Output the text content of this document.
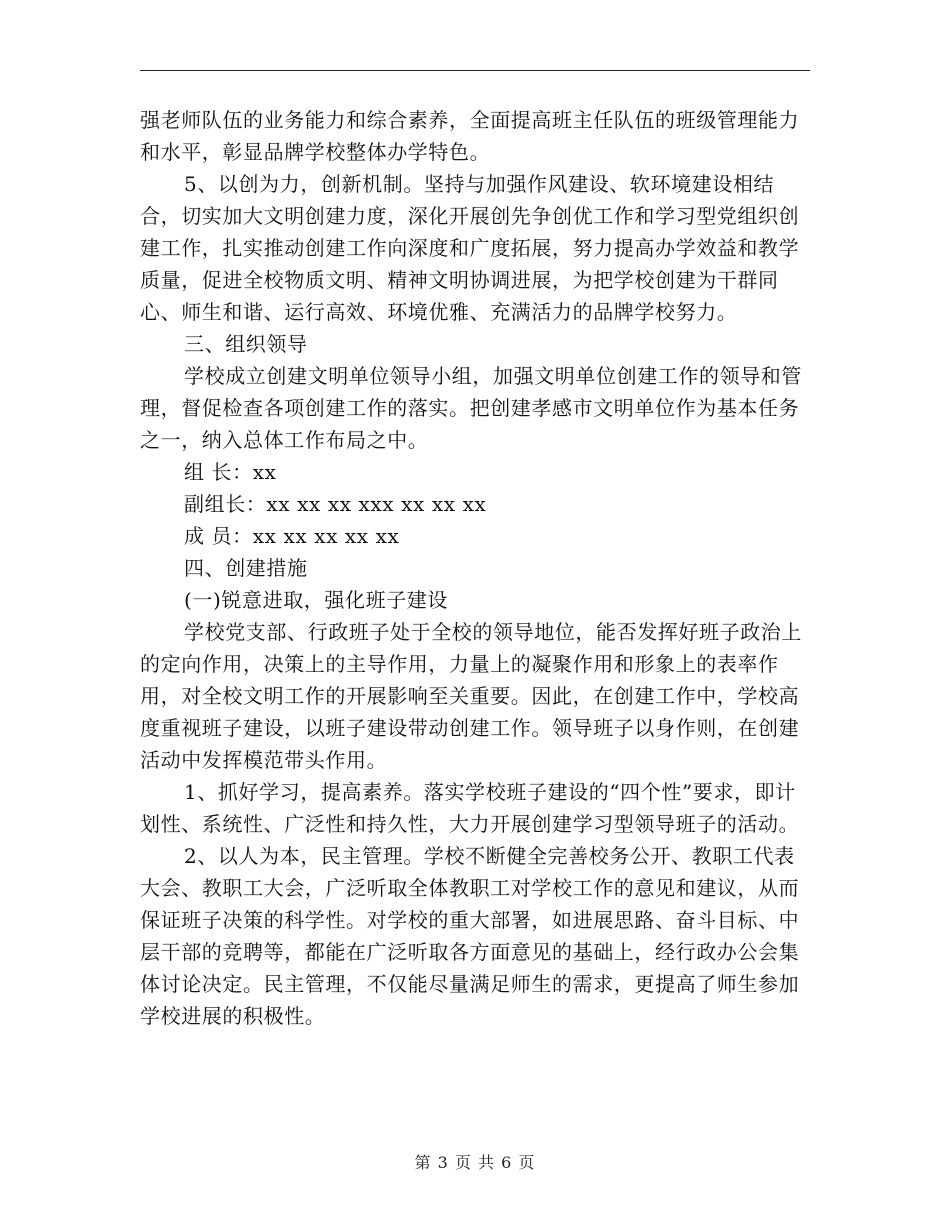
强老师队伍的业务能力和综合素养，全面提高班主任队伍的班级管理能力和水平，彰显品牌学校整体办学特色。

5、以创为力，创新机制。坚持与加强作风建设、软环境建设相结合，切实加大文明创建力度，深化开展创先争创优工作和学习型党组织创建工作，扎实推动创建工作向深度和广度拓展，努力提高办学效益和教学质量，促进全校物质文明、精神文明协调进展，为把学校创建为干群同心、师生和谐、运行高效、环境优雅、充满活力的品牌学校努力。

三、组织领导

学校成立创建文明单位领导小组，加强文明单位创建工作的领导和管理，督促检查各项创建工作的落实。把创建孝感市文明单位作为基本任务之一，纳入总体工作布局之中。

组 长：xx

副组长：xx xx xx xxx xx xx xx

成 员：xx xx xx xx xx

四、创建措施

(一)锐意进取，强化班子建设

学校党支部、行政班子处于全校的领导地位，能否发挥好班子政治上的定向作用，决策上的主导作用，力量上的凝聚作用和形象上的表率作用，对全校文明工作的开展影响至关重要。因此，在创建工作中，学校高度重视班子建设，以班子建设带动创建工作。领导班子以身作则，在创建活动中发挥模范带头作用。

1、抓好学习，提高素养。落实学校班子建设的“四个性”要求，即计划性、系统性、广泛性和持久性，大力开展创建学习型领导班子的活动。

2、以人为本，民主管理。学校不断健全完善校务公开、教职工代表大会、教职工大会，广泛听取全体教职工对学校工作的意见和建议，从而保证班子决策的科学性。对学校的重大部署，如进展思路、奋斗目标、中层干部的竞聘等，都能在广泛听取各方面意见的基础上，经行政办公会集体讨论决定。民主管理，不仅能尽量满足师生的需求，更提高了师生参加学校进展的积极性。

第 3 页 共 6 页
